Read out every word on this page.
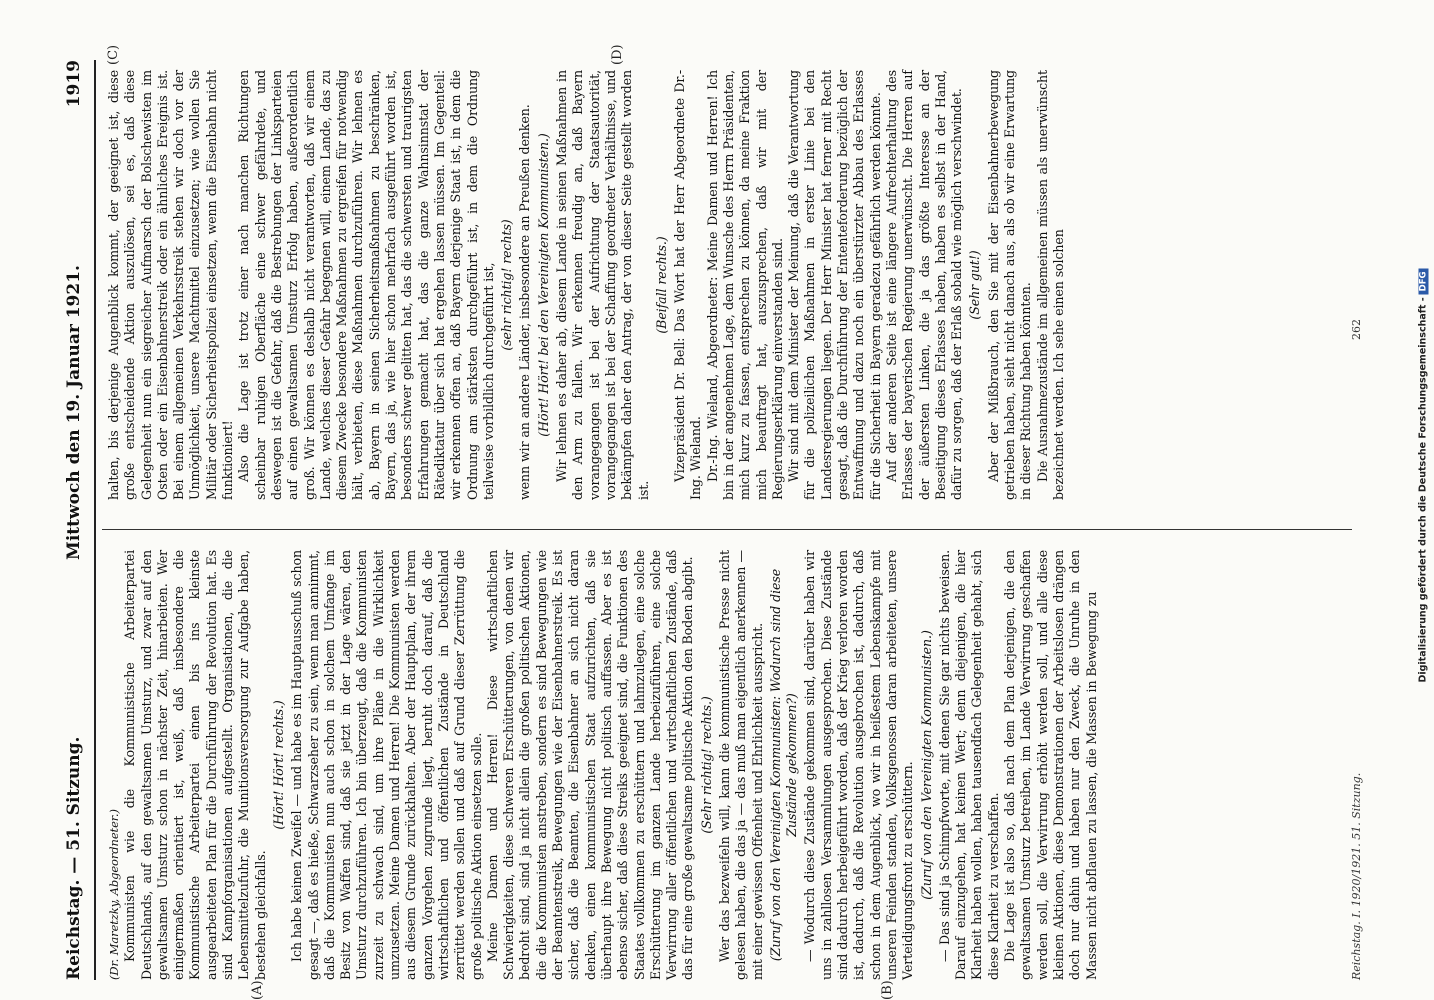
Reichstag. — 51. Sitzung.
Mittwoch den 19. Januar 1921.
1919
(A)	(B)
(C)	(D)
(Dr. Maretzky, Abgeordneter.) Kommunisten wie die Kommunistische Arbeiterpartei Deutschlands, auf den gewaltsamen Umsturz, und zwar auf den gewaltsamen Umsturz schon in nächster Zeit, hinarbeiten. Wer einigermaßen orientiert ist, weiß, daß insbesondere die Kommunistische Arbeiterpartei einen bis ins kleinste ausgearbeiteten Plan für die Durchführung der Revolution hat. Es sind Kampforganisationen aufgestellt. Organisationen, die die Lebensmittelzufuhr, die Munitionsversorgung zur Aufgabe haben, bestehen gleichfalls.

(Hört! Hört! rechts.) Ich habe keinen Zweifel — und habe es im Hauptausschuß schon gesagt —, daß es hieße, Schwarzseher zu sein, wenn man annimmt, daß die Kommunisten nun auch schon in solchem Umfange im Besitz von Waffen sind, daß sie jetzt in der Lage wären, den Umsturz durchzuführen. Ich bin überzeugt, daß die Kommunisten zurzeit zu schwach sind, um ihre Pläne in die Wirklichkeit umzusetzen. Meine Damen und Herren! Die Kommunisten werden aus diesem Grunde zurückhalten. Aber der Hauptplan, der ihrem ganzen Vorgehen zugrunde liegt, beruht doch darauf, daß die wirtschaftlichen und öffentlichen Zustände in Deutschland zerrüttet werden sollen und daß auf Grund dieser Zerrüttung die große politische Aktion einsetzen solle. Meine Damen und Herren! Diese wirtschaftlichen Schwierigkeiten, diese schweren Erschütterungen, von denen wir bedroht sind, sind ja nicht allein die großen politischen Aktionen, die die Kommunisten anstreben, sondern es sind Bewegungen wie der Beamtenstreik, Bewegungen wie der Eisenbahnerstreik. Es ist sicher, daß die Beamten, die Eisenbahner an sich nicht daran denken, einen kommunistischen Staat aufzurichten, daß sie überhaupt ihre Bewegung nicht politisch auffassen. Aber es ist ebenso sicher, daß diese Streiks geeignet sind, die Funktionen des Staates vollkommen zu erschüttern und lahmzulegen, eine solche Erschütterung im ganzen Lande herbeizuführen, eine solche Verwirrung aller öffentlichen und wirtschaftlichen Zustände, daß das für eine große gewaltsame politische Aktion den Boden abgibt. (Sehr richtig! rechts.) Wer das bezweifeln will, kann die kommunistische Presse nicht gelesen haben, die das ja — das muß man eigentlich anerkennen — mit einer gewissen Offenheit und Ehrlichkeit ausspricht. (Zuruf von den Vereinigten Kommunisten: Wodurch sind diese Zustände gekommen?) — Wodurch diese Zustände gekommen sind, darüber haben wir uns in zahllosen Versammlungen ausgesprochen. Diese Zustände sind dadurch herbeigeführt worden, daß der Krieg verloren worden ist, dadurch, daß die Revolution ausgebrochen ist, dadurch, daß schon in dem Augenblick, wo wir in heißestem Lebenskampfe mit unseren Feinden standen, Volksgenossen daran arbeiteten, unsere Verteidigungsfront zu erschüttern. (Zuruf von den Vereinigten Kommunisten.) — Das sind ja Schimpfworte, mit denen Sie gar nichts beweisen. Darauf einzugehen, hat keinen Wert; denn diejenigen, die hier Klarheit haben wollen, haben tausendfach Gelegenheit gehabt, sich diese Klarheit zu verschaffen. Die Lage ist also so, daß nach dem Plan derjenigen, die den gewaltsamen Umsturz betreiben, im Lande Verwirrung geschaffen werden soll, die Verwirrung erhöht werden soll, und alle diese kleinen Aktionen, diese Demonstrationen der Arbeitslosen drängen doch nur dahin und haben nur den Zweck, die Unruhe in den Massen nicht abflauen zu lassen, die Massen in Bewegung zu

halten, bis derjenige Augenblick kommt, der geeignet ist, diese große entscheidende Aktion auszulösen, sei es, daß diese Gelegenheit nun ein siegreicher Aufmarsch der Bolschewisten im Osten oder ein Eisenbahnerstreik oder ein ähnliches Ereignis ist. Bei einem allgemeinen Verkehrsstreik stehen wir doch vor der Unmöglichkeit, unsere Machtmittel einzusetzen; wie wollen Sie Militär oder Sicherheitspolizei einsetzen, wenn die Eisenbahn nicht funktioniert! Also die Lage ist trotz einer nach manchen Richtungen scheinbar ruhigen Oberfläche eine schwer gefährdete, und deswegen ist die Gefahr, daß die Bestrebungen der Linksparteien auf einen gewaltsamen Umsturz Erfolg haben, außerordentlich groß. Wir können es deshalb nicht verantworten, daß wir einem Lande, welches dieser Gefahr begegnen will, einem Lande, das zu diesem Zwecke besondere Maßnahmen zu ergreifen für notwendig hält, verbieten, diese Maßnahmen durchzuführen. Wir lehnen es ab, Bayern in seinen Sicherheitsmaßnahmen zu beschränken, Bayern, das ja, wie hier schon mehrfach ausgeführt worden ist, besonders schwer gelitten hat, das die schwersten und traurigsten Erfahrungen gemacht hat, das die ganze Wahnsinnstat der Rätediktatur über sich hat ergehen lassen müssen. Im Gegenteil: wir erkennen offen an, daß Bayern derjenige Staat ist, in dem die Ordnung am stärksten durchgeführt ist, in dem die Ordnung teilweise vorbildlich durchgeführt ist, (sehr richtig! rechts) wenn wir an andere Länder, insbesondere an Preußen denken. (Hört! Hört! bei den Vereinigten Kommunisten.) Wir lehnen es daher ab, diesem Lande in seinen Maßnahmen in den Arm zu fallen. Wir erkennen freudig an, daß Bayern vorangegangen ist bei der Aufrichtung der Staatsautorität, vorangegangen ist bei der Schaffung geordneter Verhältnisse, und bekämpfen daher den Antrag, der von dieser Seite gestellt worden ist.

(Beifall rechts.) Vizepräsident Dr. Bell: Das Wort hat der Herr Abgeordnete Dr.-Ing. Wieland. Dr.-Ing. Wieland, Abgeordneter: Meine Damen und Herren! Ich bin in der angenehmen Lage, dem Wunsche des Herrn Präsidenten, mich kurz zu fassen, entsprechen zu können, da meine Fraktion mich beauftragt hat, auszusprechen, daß wir mit der Regierungserklärung einverstanden sind. Wir sind mit dem Minister der Meinung, daß die Verantwortung für die polizeilichen Maßnahmen in erster Linie bei den Landesregierungen liegen. Der Herr Minister hat ferner mit Recht gesagt, daß die Durchführung der Ententeforderung bezüglich der Entwaffnung und dazu noch ein überstürzter Abbau des Erlasses für die Sicherheit in Bayern geradezu gefährlich werden könnte. Auf der anderen Seite ist eine längere Aufrechterhaltung des Erlasses der bayerischen Regierung unerwünscht. Die Herren auf der äußersten Linken, die ja das größte Interesse an der Beseitigung dieses Erlasses haben, haben es selbst in der Hand, dafür zu sorgen, daß der Erlaß sobald wie möglich verschwindet. (Sehr gut!) Aber der Mißbrauch, den Sie mit der Eisenbahnerbewegung getrieben haben, sieht nicht danach aus, als ob wir eine Erwartung in dieser Richtung haben könnten. Die Ausnahmezustände im allgemeinen müssen als unerwünscht bezeichnet werden. Ich sehe einen solchen

Reichstag. I. 1920/1921. 51. Sitzung.
262	Digitalisierung gefördert durch die Deutsche Forschungsgemeinschaft -DFG
